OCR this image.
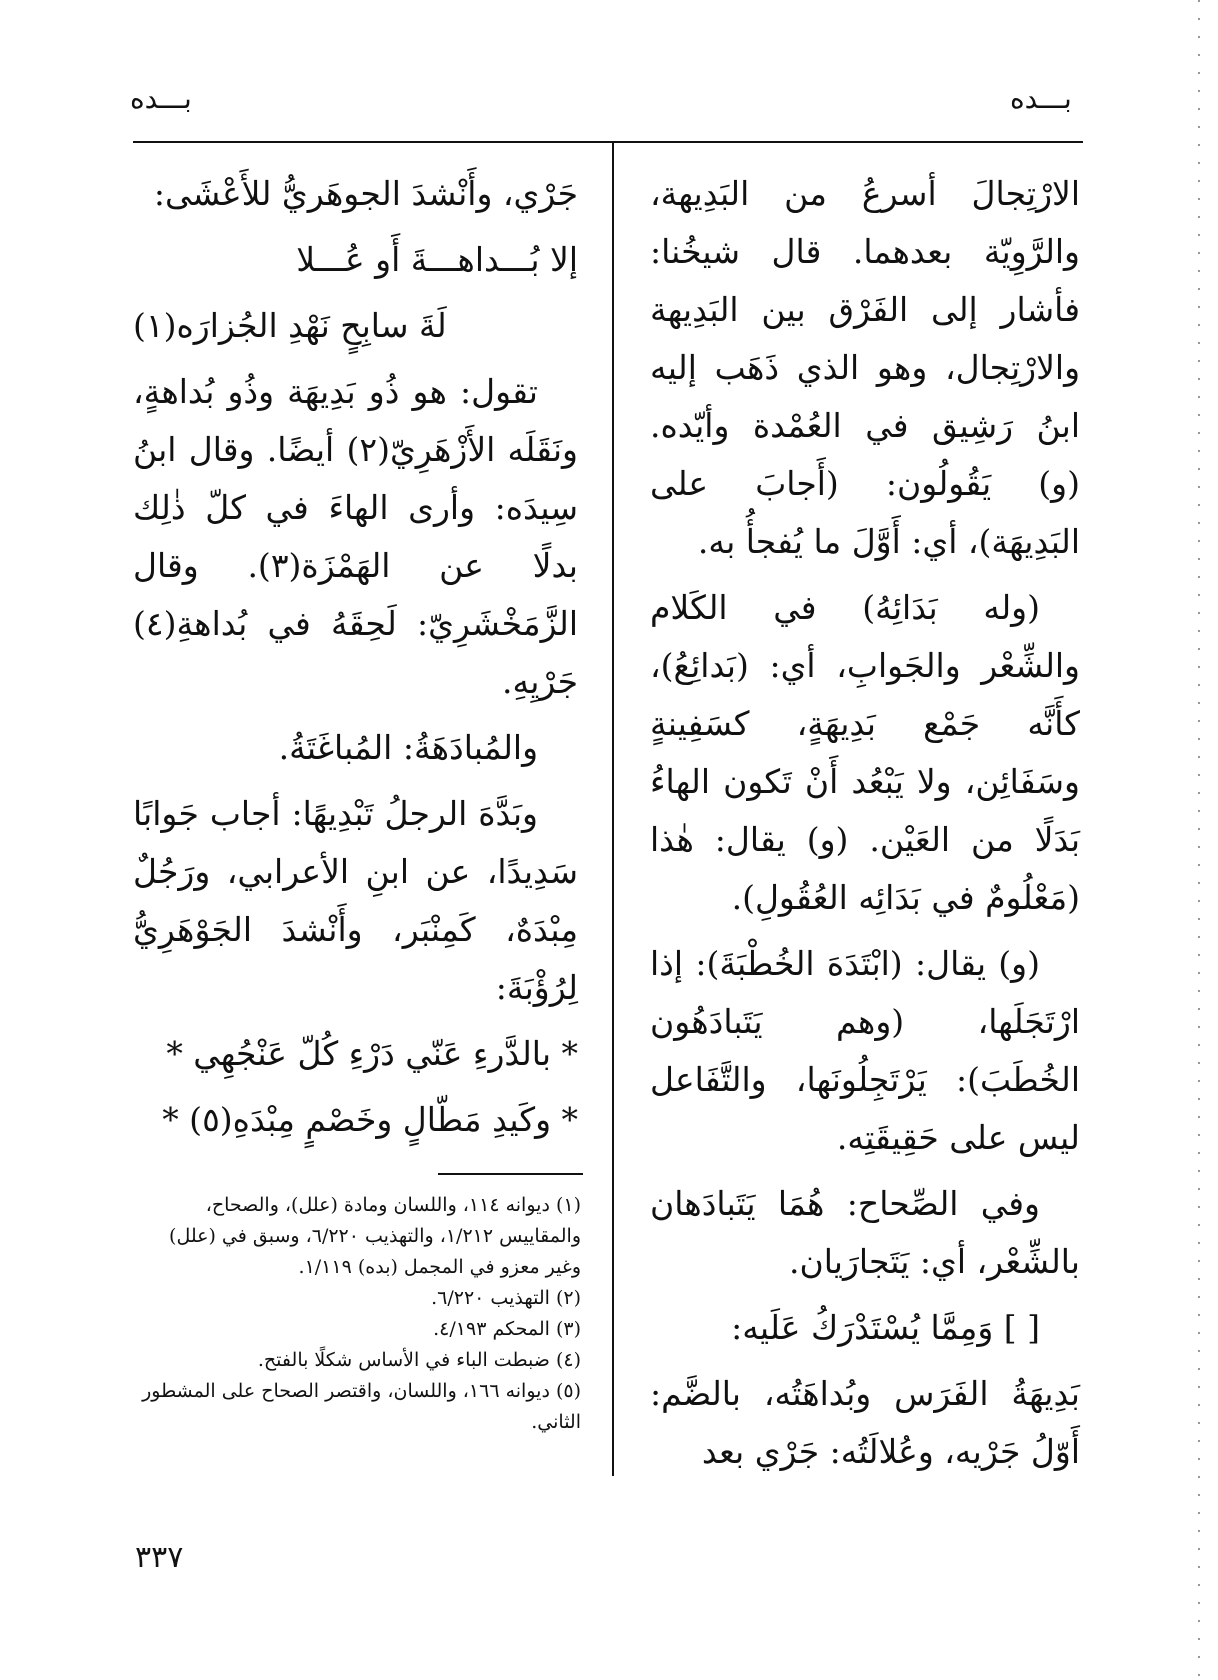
بـــده
بـــده

الارْتِجالَ أسرعُ من البَدِيهة، والرَّوِيّة بعدهما. قال شيخُنا: فأشار إلى الفَرْق بين البَدِيهة والارْتِجال، وهو الذي ذَهَب إليه ابنُ رَشِيق في العُمْدة وأيّده. (و) يَقُولُون: (أَجابَ على البَدِيهَة)، أي: أَوَّلَ ما يُفجأُ به.

(وله بَدَائِهُ) في الكَلام والشِّعْر والجَوابِ، أي: (بَدائِعُ)، كأَنَّه جَمْع بَدِيهَةٍ، كسَفِينةٍ وسَفَائِن، ولا يَبْعُد أَنْ تَكون الهاءُ بَدَلًا من العَيْن. (و) يقال: هٰذا (مَعْلُومٌ في بَدَائِه العُقُولِ).

(و) يقال: (ابْتَدَهَ الخُطْبَةَ): إذا ارْتَجَلَها، (وهم يَتَبادَهُون الخُطَبَ): يَرْتَجِلُونَها، والتَّفَاعل ليس على حَقِيقَتِه.

وفي الصِّحاح: هُمَا يَتَبادَهان بالشِّعْر، أي: يَتَجارَيان.

[ ] وَمِمَّا يُسْتَدْرَكُ عَلَيه:

بَدِيهَةُ الفَرَس وبُداهَتُه، بالضَّم: أَوّلُ جَرْيه، وعُلالَتُه: جَرْي بعد

جَرْي، وأَنْشدَ الجوهَريُّ للأَعْشَى:

إلا بُـــداهـــةَ أَو عُـــلا

لَةَ سابِحٍ نَهْدِ الجُزارَه(١)

تقول: هو ذُو بَدِيهَة وذُو بُداهةٍ، ونَقَلَه الأَزْهَرِيّ(٢) أيضًا. وقال ابنُ سِيدَه: وأرى الهاءَ في كلّ ذٰلِك بدلًا عن الهَمْزَة(٣). وقال الزَّمَخْشَرِيّ: لَحِقَهُ في بُداهةِ(٤) جَرْيِهِ.

والمُبادَهَةُ: المُباغَتَةُ.

وبَدَّهَ الرجلُ تَبْدِيهًا: أجاب جَوابًا سَدِيدًا، عن ابنِ الأعرابي، ورَجُلٌ مِبْدَهٌ، كَمِنْبَر، وأَنْشدَ الجَوْهَرِيُّ لِرُؤْبَةَ:

* بالدَّرءِ عَنّي دَرْءِ كُلّ عَنْجُهِي *

* وكَيدِ مَطّالٍ وخَصْمٍ مِبْدَهِ(٥) *

(١) ديوانه ١١٤، واللسان ومادة (علل)، والصحاح، والمقاييس ١/٢١٢، والتهذيب ٦/٢٢٠، وسبق في (علل) وغير معزو في المجمل (بده) ١/١١٩.
(٢) التهذيب ٦/٢٢٠.
(٣) المحكم ٤/١٩٣.
(٤) ضبطت الباء في الأساس شكلًا بالفتح.
(٥) ديوانه ١٦٦، واللسان، واقتصر الصحاح على المشطور الثاني.
٣٣٧
